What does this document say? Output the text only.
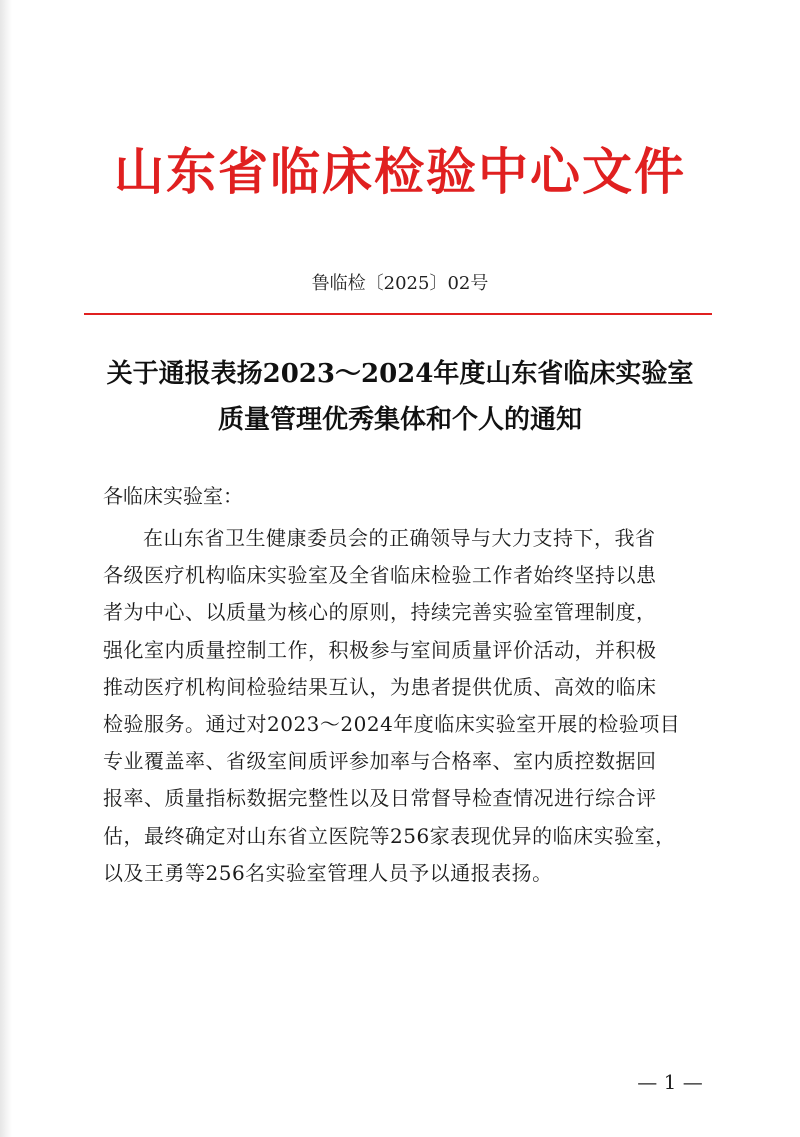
山东省临床检验中心文件
鲁临检〔2025〕02号
关于通报表扬2023～2024年度山东省临床实验室
质量管理优秀集体和个人的通知
各临床实验室：
在山东省卫生健康委员会的正确领导与大力支持下，我省
各级医疗机构临床实验室及全省临床检验工作者始终坚持以患
者为中心、以质量为核心的原则，持续完善实验室管理制度，
强化室内质量控制工作，积极参与室间质量评价活动，并积极
推动医疗机构间检验结果互认，为患者提供优质、高效的临床
检验服务。通过对2023～2024年度临床实验室开展的检验项目
专业覆盖率、省级室间质评参加率与合格率、室内质控数据回
报率、质量指标数据完整性以及日常督导检查情况进行综合评
估，最终确定对山东省立医院等256家表现优异的临床实验室，
以及王勇等256名实验室管理人员予以通报表扬。
— 1 —
